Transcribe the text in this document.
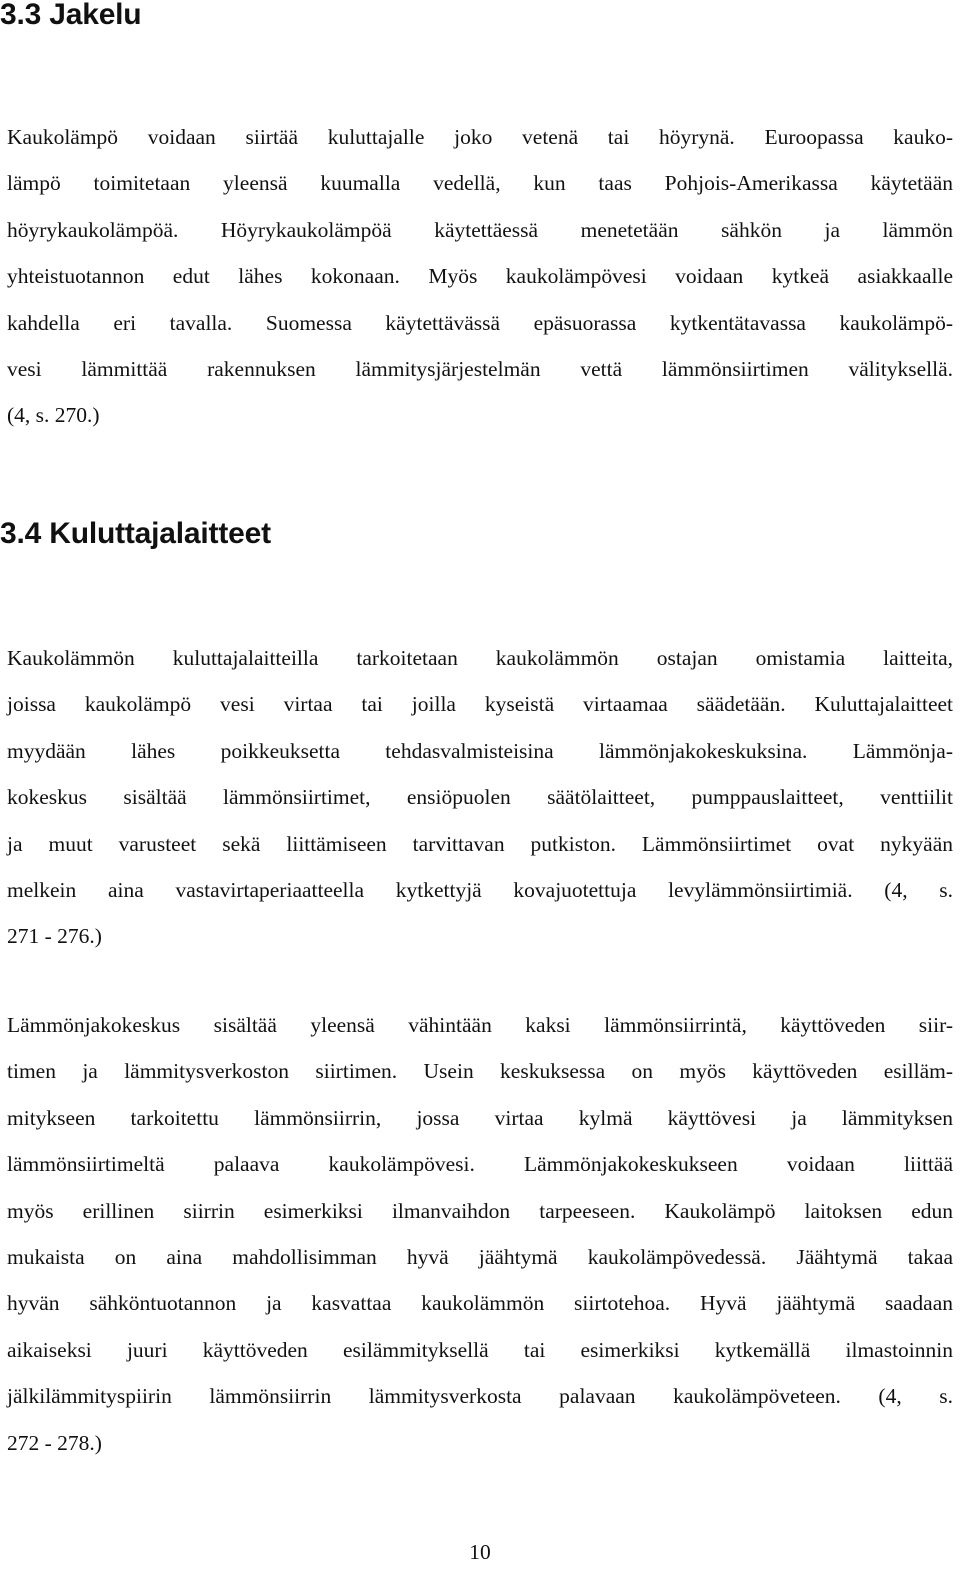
3.3 Jakelu

Kaukolämpö voidaan siirtää kuluttajalle joko vetenä tai höyrynä. Euroopassa kauko-
lämpö toimitetaan yleensä kuumalla vedellä, kun taas Pohjois-Amerikassa käytetään
höyrykaukolämpöä. Höyrykaukolämpöä käytettäessä menetetään sähkön ja lämmön
yhteistuotannon edut lähes kokonaan. Myös kaukolämpövesi voidaan kytkeä asiakkaalle
kahdella eri tavalla. Suomessa käytettävässä epäsuorassa kytkentätavassa kaukolämpö-
vesi lämmittää rakennuksen lämmitysjärjestelmän vettä lämmönsiirtimen välityksellä.
(4, s. 270.)

3.4 Kuluttajalaitteet

Kaukolämmön kuluttajalaitteilla tarkoitetaan kaukolämmön ostajan omistamia laitteita,
joissa kaukolämpö vesi virtaa tai joilla kyseistä virtaamaa säädetään. Kuluttajalaitteet
myydään lähes poikkeuksetta tehdasvalmisteisina lämmönjakokeskuksina. Lämmönja-
kokeskus sisältää lämmönsiirtimet, ensiöpuolen säätölaitteet, pumppauslaitteet, venttiilit
ja muut varusteet sekä liittämiseen tarvittavan putkiston. Lämmönsiirtimet ovat nykyään
melkein aina vastavirtaperiaatteella kytkettyjä kovajuotettuja levylämmönsiirtimiä. (4, s.
271 - 276.)

Lämmönjakokeskus sisältää yleensä vähintään kaksi lämmönsiirrintä, käyttöveden siir-
timen ja lämmitysverkoston siirtimen. Usein keskuksessa on myös käyttöveden esilläm-
mitykseen tarkoitettu lämmönsiirrin, jossa virtaa kylmä käyttövesi ja lämmityksen
lämmönsiirtimeltä palaava kaukolämpövesi. Lämmönjakokeskukseen voidaan liittää
myös erillinen siirrin esimerkiksi ilmanvaihdon tarpeeseen. Kaukolämpö laitoksen edun
mukaista on aina mahdollisimman hyvä jäähtymä kaukolämpövedessä. Jäähtymä takaa
hyvän sähköntuotannon ja kasvattaa kaukolämmön siirtotehoa. Hyvä jäähtymä saadaan
aikaiseksi juuri käyttöveden esilämmityksellä tai esimerkiksi kytkemällä ilmastoinnin
jälkilämmityspiirin lämmönsiirrin lämmitysverkosta palavaan kaukolämpöveteen. (4, s.
272 - 278.)

10
